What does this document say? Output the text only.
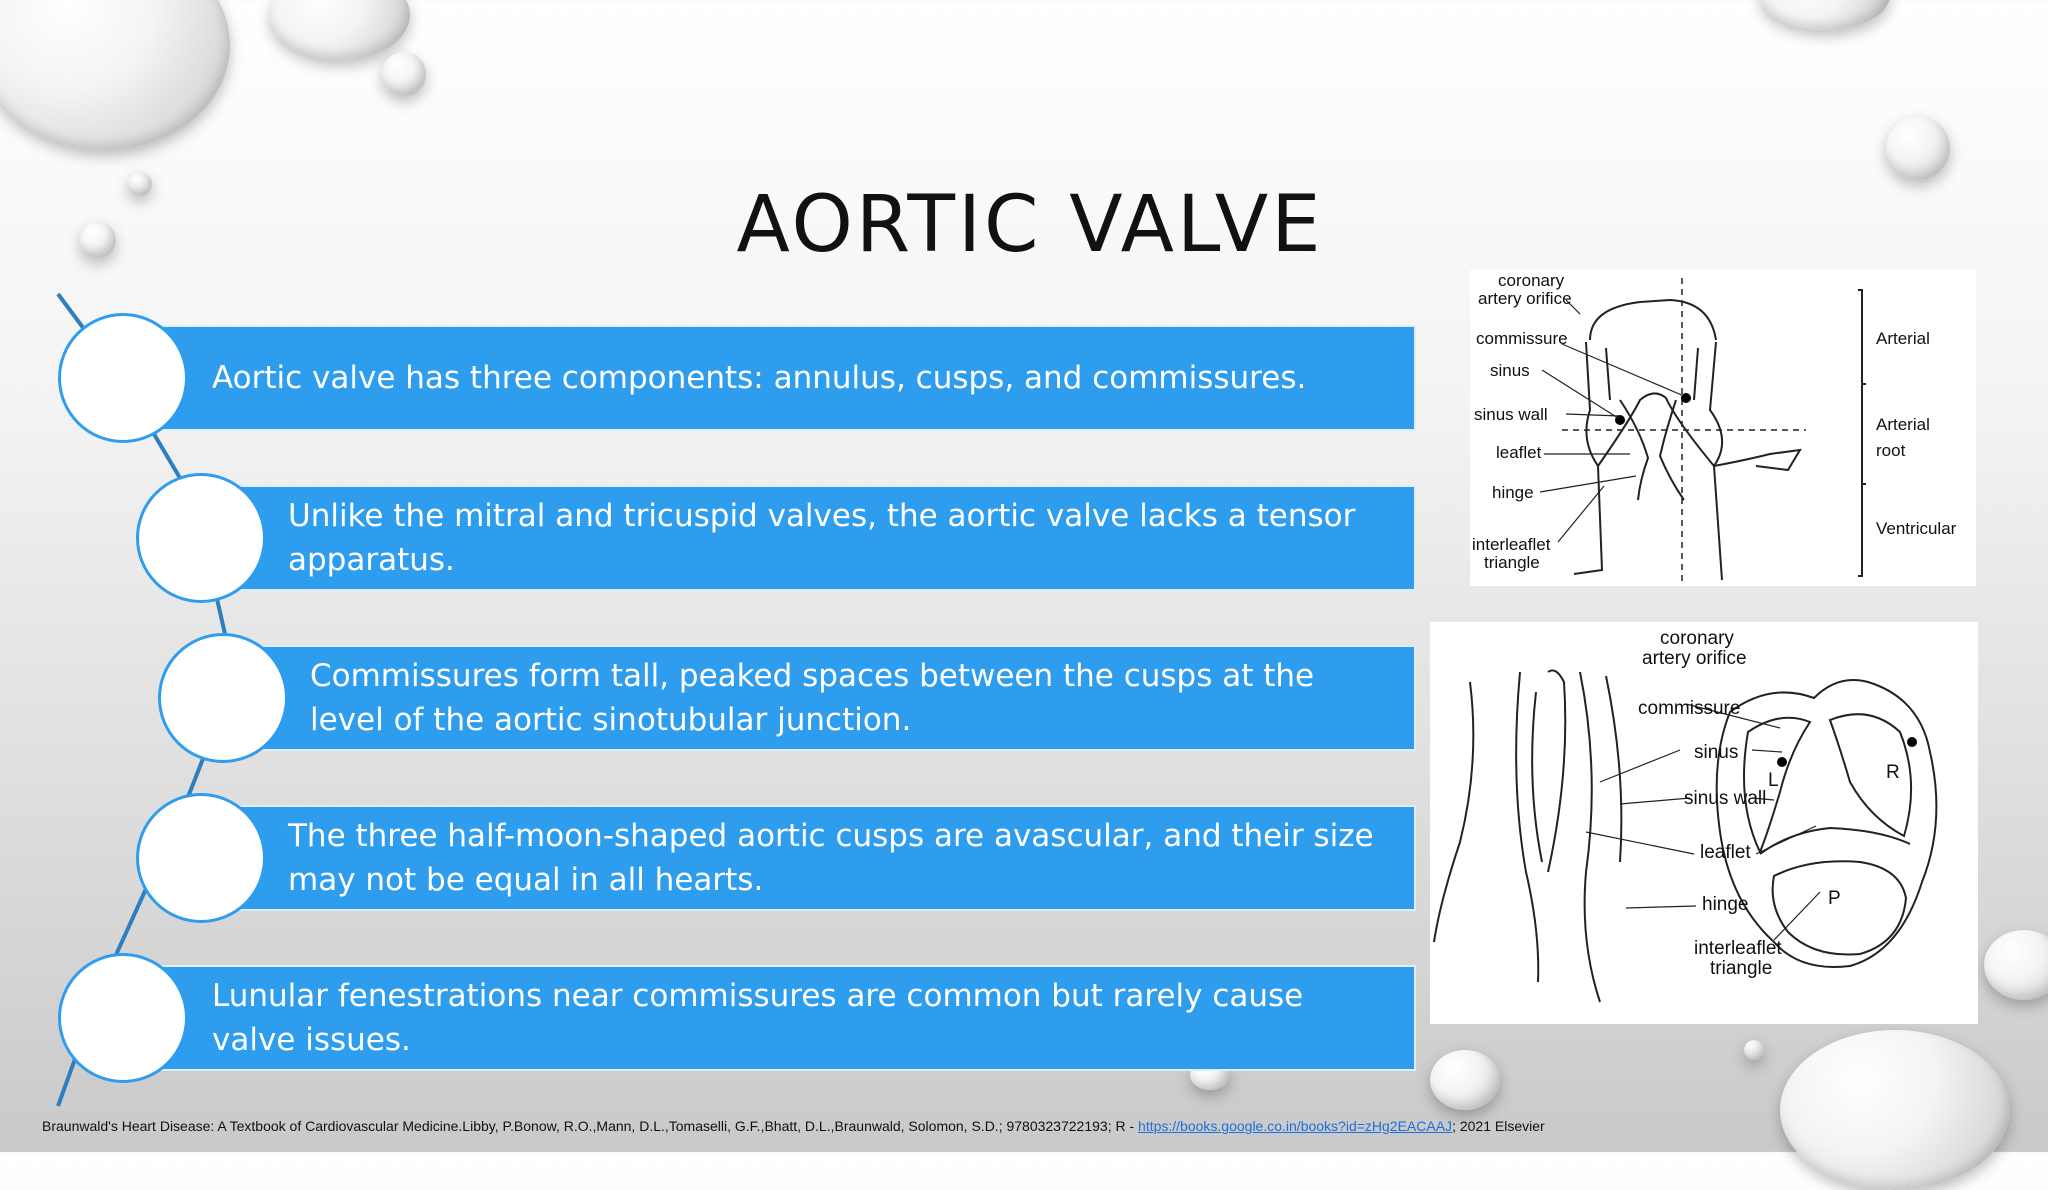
AORTIC VALVE
Aortic valve has three components: annulus, cusps, and commissures.
Unlike the mitral and tricuspid valves, the aortic valve lacks a tensor apparatus.
Commissures form tall, peaked spaces between the cusps at the level of the aortic sinotubular junction.
The three half-moon-shaped aortic cusps are avascular, and their size may not be equal in all hearts.
Lunular fenestrations near commissures are common but rarely cause valve issues.
coronary
artery orifice
commissure
sinus
sinus wall
leaflet
hinge
interleaflet
triangle
Arterial
Arterial
root
Ventricular
coronary
artery orifice
commissure
sinus
sinus wall
leaflet
hinge
interleaflet
triangle
L	R
P
Braunwald's Heart Disease: A Textbook of Cardiovascular Medicine.Libby, P.Bonow, R.O.,Mann, D.L.,Tomaselli, G.F.,Bhatt, D.L.,Braunwald, Solomon, S.D.; 9780323722193; R - https://books.google.co.in/books?id=zHg2EACAAJ; 2021 Elsevier
